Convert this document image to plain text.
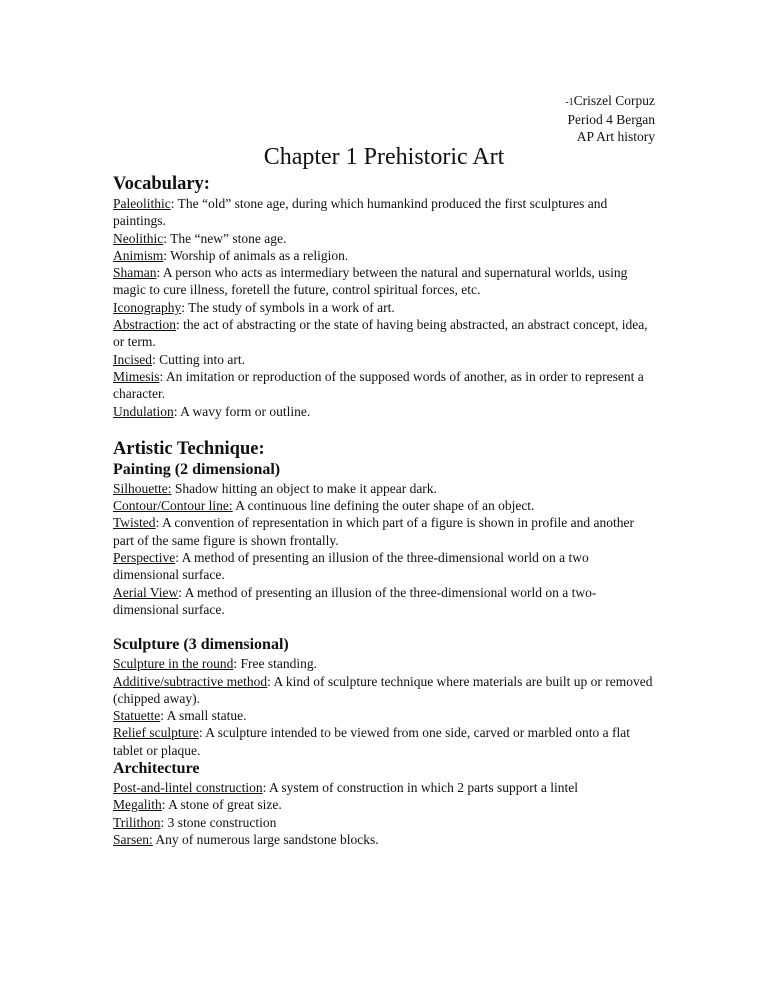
-1Criszel Corpuz
Period 4 Bergan
AP Art history
Chapter 1 Prehistoric Art
Vocabulary:

Paleolithic: The “old” stone age, during which humankind produced the first sculptures and paintings.

Neolithic: The “new” stone age.

Animism: Worship of animals as a religion.

Shaman: A person who acts as intermediary between the natural and supernatural worlds, using magic to cure illness, foretell the future, control spiritual forces, etc.

Iconography: The study of symbols in a work of art.

Abstraction: the act of abstracting or the state of having being abstracted, an abstract concept, idea, or term.

Incised: Cutting into art.

Mimesis: An imitation or reproduction of the supposed words of another, as in order to represent a character.

Undulation: A wavy form or outline.

Artistic Technique:
Painting (2 dimensional)

Silhouette: Shadow hitting an object to make it appear dark.

Contour/Contour line: A continuous line defining the outer shape of an object.

Twisted: A convention of representation in which part of a figure is shown in profile and another part of the same figure is shown frontally.

Perspective: A method of presenting an illusion of the three-dimensional world on a two dimensional surface.

Aerial View: A method of presenting an illusion of the three-dimensional world on a two-dimensional surface.

Sculpture (3 dimensional)

Sculpture in the round: Free standing.

Additive/subtractive method: A kind of sculpture technique where materials are built up or removed (chipped away).

Statuette: A small statue.

Relief sculpture: A sculpture intended to be viewed from one side, carved or marbled onto a flat tablet or plaque.

Architecture

Post-and-lintel construction: A system of construction in which 2 parts support a lintel

Megalith: A stone of great size.

Trilithon: 3 stone construction

Sarsen: Any of numerous large sandstone blocks.
